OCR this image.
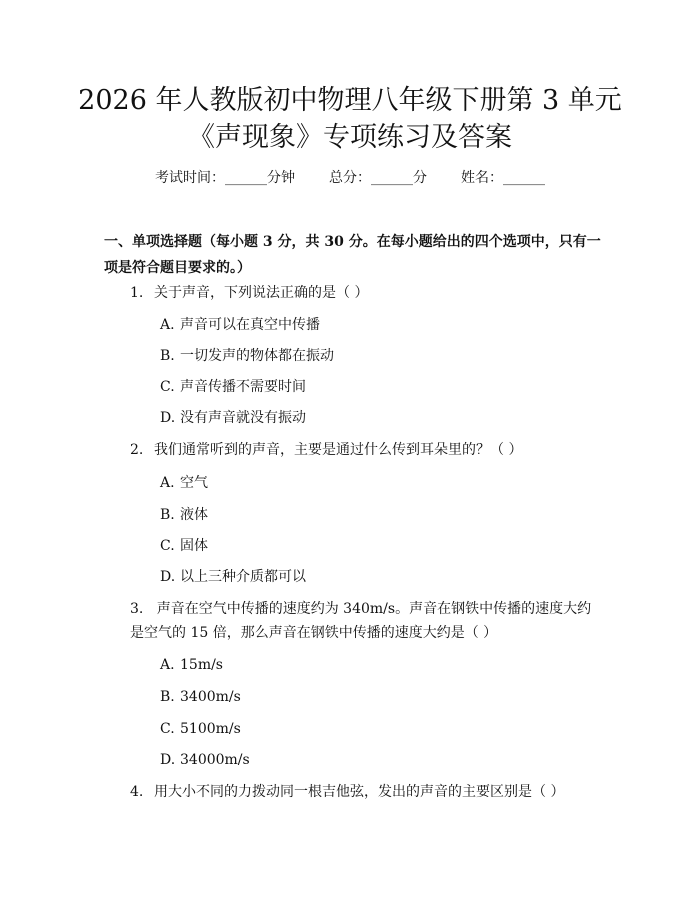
2026 年人教版初中物理八年级下册第 3 单元
《声现象》专项练习及答案
考试时间：______分钟 总分：______分 姓名：______
一、单项选择题（每小题 3 分，共 30 分。在每小题给出的四个选项中，只有一项是符合题目要求的。）
1. 关于声音，下列说法正确的是（ ）
A. 声音可以在真空中传播
B. 一切发声的物体都在振动
C. 声音传播不需要时间
D. 没有声音就没有振动
2. 我们通常听到的声音，主要是通过什么传到耳朵里的？（ ）
A. 空气
B. 液体
C. 固体
D. 以上三种介质都可以
3. 声音在空气中传播的速度约为 340m/s。声音在钢铁中传播的速度大约是空气的 15 倍，那么声音在钢铁中传播的速度大约是（ ）
A. 15m/s
B. 3400m/s
C. 5100m/s
D. 34000m/s
4. 用大小不同的力拨动同一根吉他弦，发出的声音的主要区别是（ ）
